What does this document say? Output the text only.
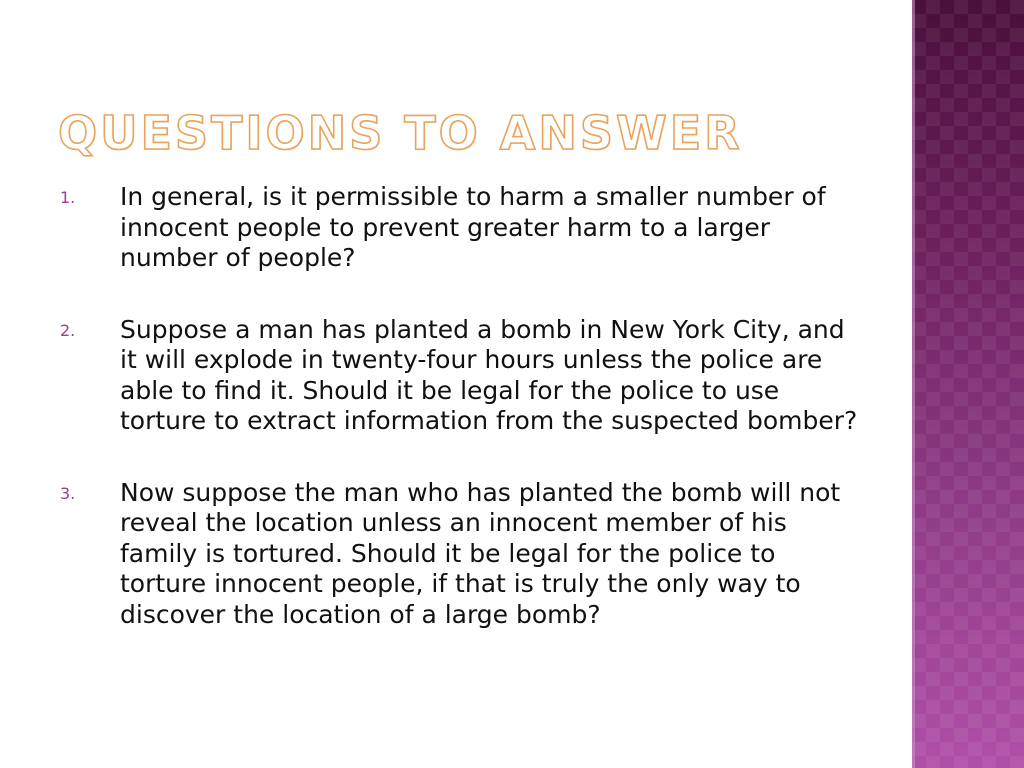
QUESTIONS TO ANSWER
1. In general, is it permissible to harm a smaller number of innocent people to prevent greater harm to a larger number of people?
2. Suppose a man has planted a bomb in New York City, and it will explode in twenty-four hours unless the police are able to find it. Should it be legal for the police to use torture to extract information from the suspected bomber?
3. Now suppose the man who has planted the bomb will not reveal the location unless an innocent member of his family is tortured. Should it be legal for the police to torture innocent people, if that is truly the only way to discover the location of a large bomb?
